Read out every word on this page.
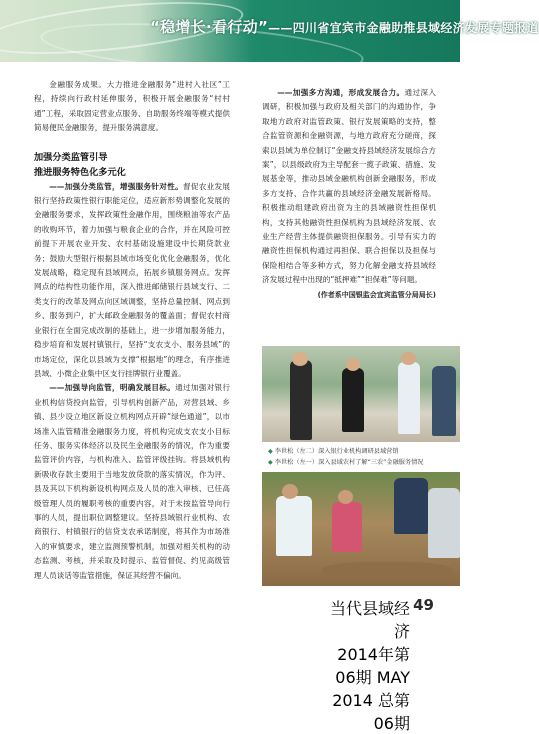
“稳增长·看行动”——四川省宜宾市金融助推县域经济发展专题报道

金融服务成果。大力推进金融服务“进村入社区”工程，持续向行政村延伸服务，积极开展金融服务“村村通”工程，采取固定营业点服务、自助服务终端等模式提供简易便民金融服务，提升服务满意度。

加强分类监管引导

推进服务特色化多元化

——加强分类监管，增强服务针对性。督促农业发展银行坚持政策性银行职能定位，适应新形势调整化发展的金融服务要求，发挥政策性金融作用，围绕粮油等农产品的收购环节，着力加强与粮食企业的合作，并在风险可控前提下开展农业开发、农村基础设施建设中长期贷款业务；鼓励大型银行根据县域市场变化优化金融服务，优化发展战略，稳定现有县域网点，拓展乡镇服务网点。发挥网点的结构性功能作用，深入推进邮储银行县域支行、二类支行的改革及网点向区域调整，坚持总量控制、网点到乡、服务到户，扩大邮政金融服务的覆盖面；督促农村商业银行在全面完成改制的基础上，进一步增加服务能力，稳步培育和发展村镇银行，坚持“支农支小、服务县域”的市场定位，深化以县域为支撑“根据地”的理念，有序推进县域、小微企业集中区支行挂牌银行业覆盖。

——加强导向监管，明确发展目标。通过加强对银行业机构信贷投向监管，引导机构创新产品，对营县域、乡镇、县少设立地区新设立机构网点开辟“绿色通道”，以市场准入监管精准金融服务力度，将机构完成支农支小目标任务、服务实体经济以及民生金融服务的情况，作为重要监管评价内容，与机构准入、监管评级挂钩。将县域机构新吸收存款主要用于当地发放贷款的落实情况，作为评、县及其以下机构新设机构网点及人员的准入审核、已任高级管理人员的履职考核的重要内容，对于未按监管导向行事的人员，提出职位调整建议。坚持县域银行业机构、农商银行、村镇银行的信贷支农承诺制度，将其作为市场准入的审慎要求，建立监测预警机制，加强对相关机构的动态监测、考核，并采取及时提示、监管督促、约见高级管理人员谈话等监管措施，保证其经营不偏向。

——加强多方沟通，形成发展合力。通过深入调研，积极加强与政府及相关部门的沟通协作，争取地方政府对监管政策、银行发展策略的支持，整合监管资源和金融资源，与地方政府充分磋商，探索以县域为单位制订“金融支持县域经济发展综合方案”，以县级政府为主导配套一揽子政策、措施、发展基金等，推动县域金融机构创新金融服务，形成多方支持、合作共赢的县域经济金融发展新格局。积极推动组建政府出资为主的县域融资性担保机构，支持其他融资性担保机构为县域经济发展、农业生产经营主体提供融资担保服务。引导有实力的融资性担保机构通过再担保、联合担保以及担保与保险相结合等多种方式，努力化解金融支持县域经济发展过程中出现的“抵押难”“担保难”等问题。

(作者系中国银监会宜宾监管分局局长)

◆ 李世松（左二）深入银行业机构调研县域营销
◆ 李世松（左一）深入县域农村了解“三农”金融服务情况
当代县域经济
2014年第06期 MAY 2014 总第06期
49
